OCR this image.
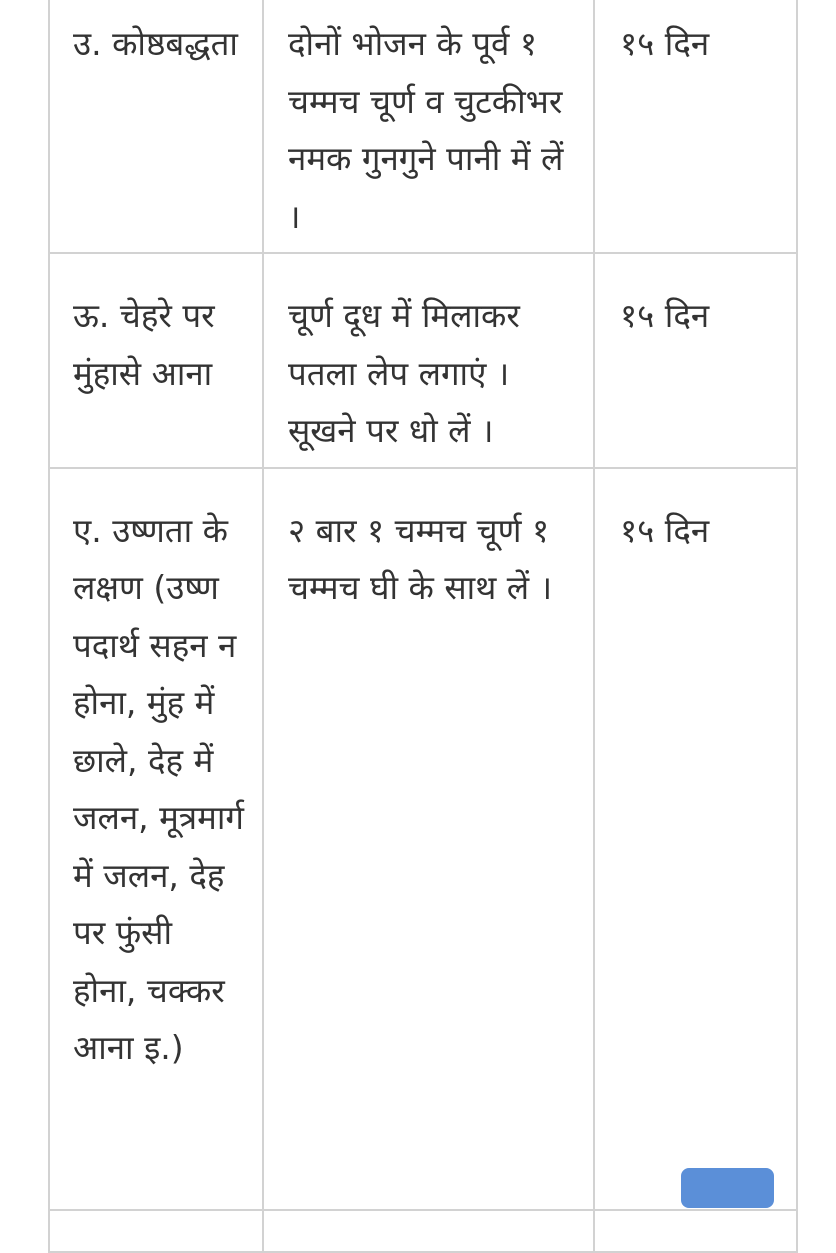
उ. कोष्ठबद्धता	दोनों भोजन के पूर्व १ चम्मच चूर्ण व चुटकीभर नमक गुनगुने पानी में लें ।	१५ दिन
ऊ. चेहरे पर मुंहासे आना	चूर्ण दूध में मिलाकर पतला लेप लगाएं । सूखने पर धो लें ।	१५ दिन
ए. उष्णता के लक्षण (उष्ण पदार्थ सहन न होना, मुंह में छाले, देह में जलन, मूत्रमार्ग में जलन, देह पर फुंसी होना, चक्कर आना इ.)	२ बार १ चम्मच चूर्ण १ चम्मच घी के साथ लें ।	१५ दिन
